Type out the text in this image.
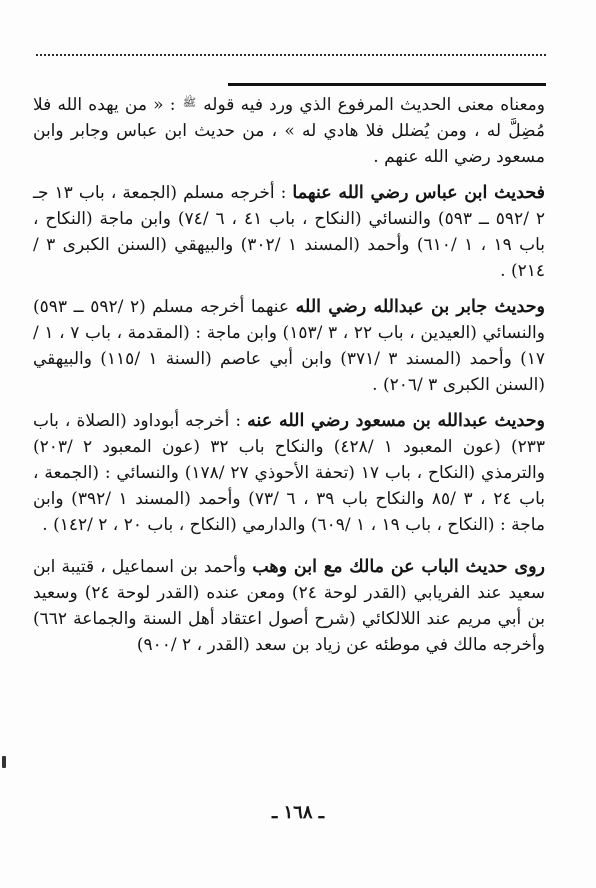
ومعناه معنى الحديث المرفوع الذي ورد فيه قوله ﷺ : « من يهده الله فلا مُضِلَّ له ، ومن يُضلل فلا هادي له » ، من حديث ابن عباس وجابر وابن مسعود رضي الله عنهم .

فحديث ابن عباس رضي الله عنهما : أخرجه مسلم (الجمعة ، باب ١٣ جـ ٢ /٥٩٢ ــ ٥٩٣) والنسائي (النكاح ، باب ٤١ ، ٦ /٧٤) وابن ماجة (النكاح ، باب ١٩ ، ١ /٦١٠) وأحمد (المسند ١ /٣٠٢) والبيهقي (السنن الكبرى ٣ /٢١٤) .

وحديث جابر بن عبدالله رضي الله عنهما أخرجه مسلم (٢ /٥٩٢ ــ ٥٩٣) والنسائي (العيدين ، باب ٢٢ ، ٣ /١٥٣) وابن ماجة : (المقدمة ، باب ٧ ، ١ /١٧) وأحمد (المسند ٣ /٣٧١) وابن أبي عاصم (السنة ١ /١١٥) والبيهقي (السنن الكبرى ٣ /٢٠٦) .

وحديث عبدالله بن مسعود رضي الله عنه : أخرجه أبوداود (الصلاة ، باب ٢٣٣) (عون المعبود ١ /٤٢٨) والنكاح باب ٣٢ (عون المعبود ٢ /٢٠٣) والترمذي (النكاح ، باب ١٧ (تحفة الأحوذي ٢٧ /١٧٨) والنسائي : (الجمعة ، باب ٢٤ ، ٣ /٨٥ والنكاح باب ٣٩ ، ٦ /٧٣) وأحمد (المسند ١ /٣٩٢) وابن ماجة : (النكاح ، باب ١٩ ، ١ /٦٠٩) والدارمي (النكاح ، باب ٢٠ ، ٢ /١٤٢) .

روى حديث الباب عن مالك مع ابن وهب وأحمد بن اسماعيل ، قتيبة ابن سعيد عند الفريابي (القدر لوحة ٢٤) ومعن عنده (القدر لوحة ٢٤) وسعيد بن أبي مريم عند اللالكائي (شرح أصول اعتقاد أهل السنة والجماعة ٦٦٢) وأخرجه مالك في موطئه عن زياد بن سعد (القدر ، ٢ /٩٠٠)

ـ ١٦٨ ـ
